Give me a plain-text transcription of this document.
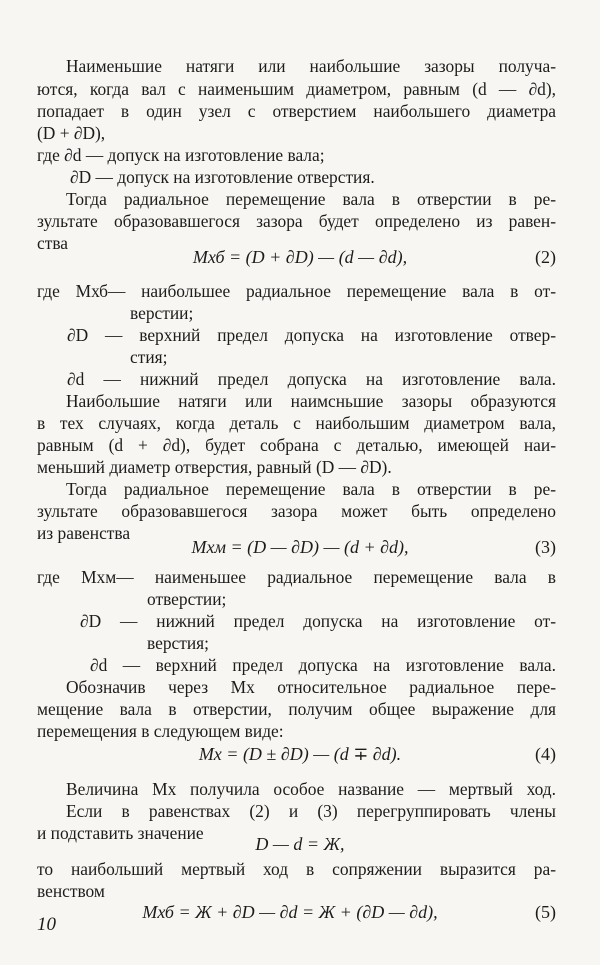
Наименьшие натяги или наибольшие зазоры получа-
ются, когда вал с наименьшим диаметром, равным (d — ∂d),
попадает в один узел с отверстием наибольшего диаметра
(D + ∂D),
где ∂d — допуск на изготовление вала;
∂D — допуск на изготовление отверстия.
Тогда радиальное перемещение вала в отверстии в ре-
зультате образовавшегося зазора будет определено из равен-
ства
Mхб = (D + ∂D) — (d — ∂d),	(2)
где Mхб— наибольшее радиальное перемещение вала в от-
верстии;
∂D — верхний предел допуска на изготовление отвер-
стия;
∂d — нижний предел допуска на изготовление вала.
Наибольшие натяги или наимсньшие зазоры образуются
в тех случаях, когда деталь с наибольшим диаметром вала,
равным (d + ∂d), будет собрана с деталью, имеющей наи-
меньший диаметр отверстия, равный (D — ∂D).
Тогда радиальное перемещение вала в отверстии в ре-
зультате образовавшегося зазора может быть определено
из равенства
Mхм = (D — ∂D) — (d + ∂d),	(3)
где Mхм— наименьшее радиальное перемещение вала в
отверстии;
∂D — нижний предел допуска на изготовление от-
верстия;
∂d — верхний предел допуска на изготовление вала.
Обозначив через Mx относительное радиальное пере-
мещение вала в отверстии, получим общее выражение для
перемещения в следующем виде:
Mx = (D ± ∂D) — (d ∓ ∂d).	(4)
Величина Mx получила особое название — мертвый ход.
Если в равенствах (2) и (3) перегруппировать члены
и подставить значение
D — d = Ж,
то наибольший мертвый ход в сопряжении выразится ра-
венством
Mхб = Ж + ∂D — ∂d = Ж + (∂D — ∂d),	(5)
10
